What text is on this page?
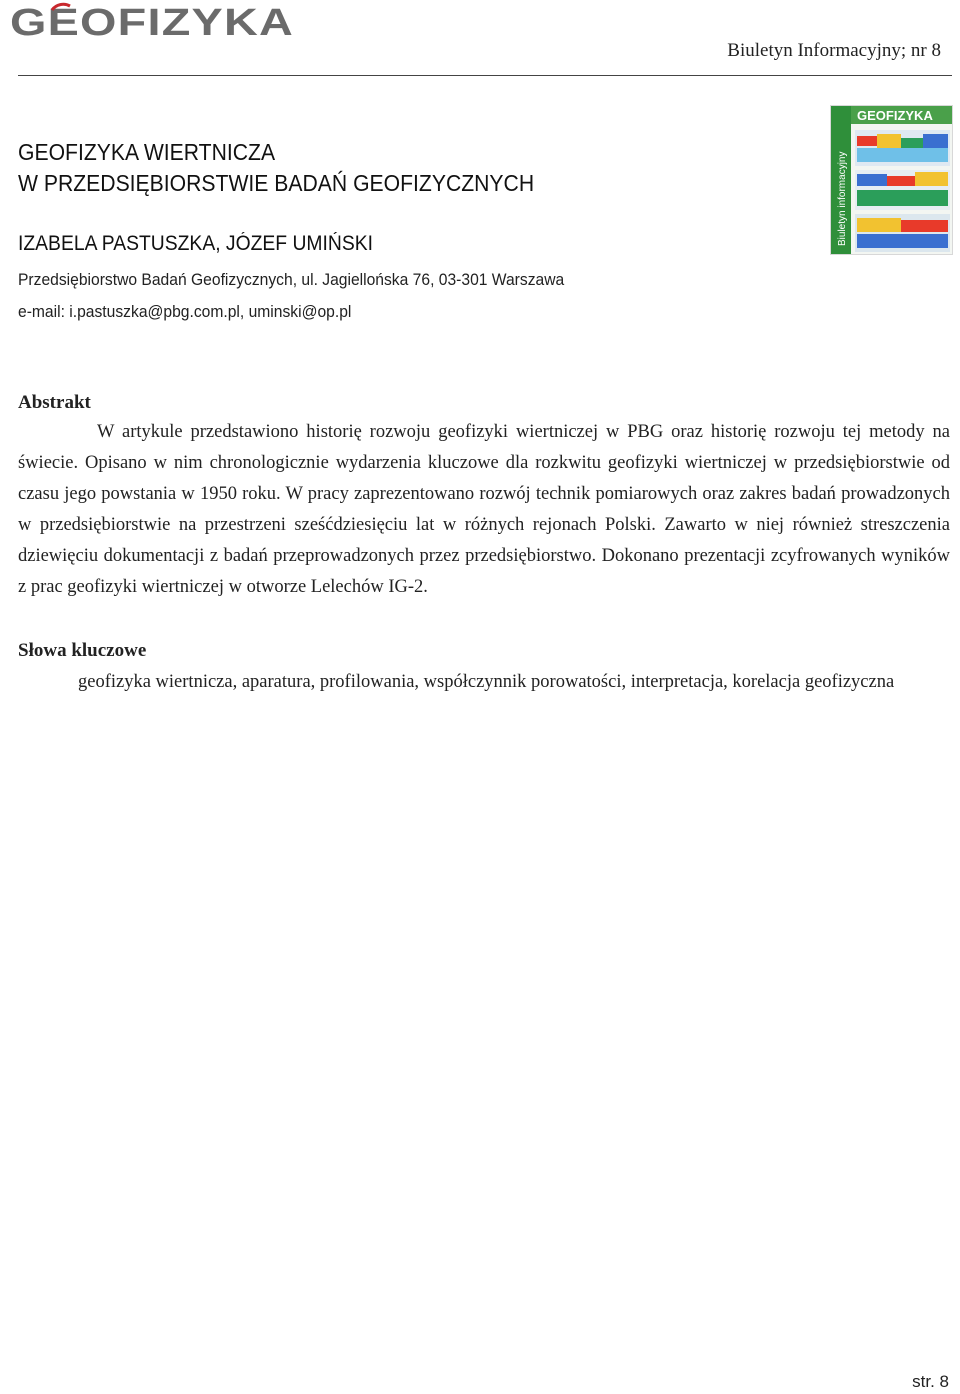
GEOFIZYKA
Biuletyn Informacyjny; nr 8
Biuletyn informacyjny
GEOFIZYKA
GEOFIZYKA WIERTNICZA
W PRZEDSIĘBIORSTWIE BADAŃ GEOFIZYCZNYCH
IZABELA PASTUSZKA, JÓZEF UMIŃSKI
Przedsiębiorstwo Badań Geofizycznych, ul. Jagiellońska 76, 03-301 Warszawa
e-mail: i.pastuszka@pbg.com.pl, uminski@op.pl
Abstrakt
W artykule przedstawiono historię rozwoju geofizyki wiertniczej w PBG oraz historię rozwoju tej metody na świecie. Opisano w nim chronologicznie wydarzenia kluczowe dla rozkwitu geofizyki wiertniczej w przedsiębiorstwie od czasu jego powstania w 1950 roku. W pracy zaprezentowano rozwój technik pomiarowych oraz zakres badań prowadzonych w przedsiębiorstwie na przestrzeni sześćdziesięciu lat w różnych rejonach Polski. Zawarto w niej również streszczenia dziewięciu dokumentacji z badań przeprowadzonych przez przedsiębiorstwo. Dokonano prezentacji zcyfrowanych wyników z prac geofizyki wiertniczej w otworze Lelechów IG-2.
Słowa kluczowe
geofizyka wiertnicza, aparatura, profilowania, współczynnik porowatości, interpretacja, korelacja geofizyczna
str. 8
